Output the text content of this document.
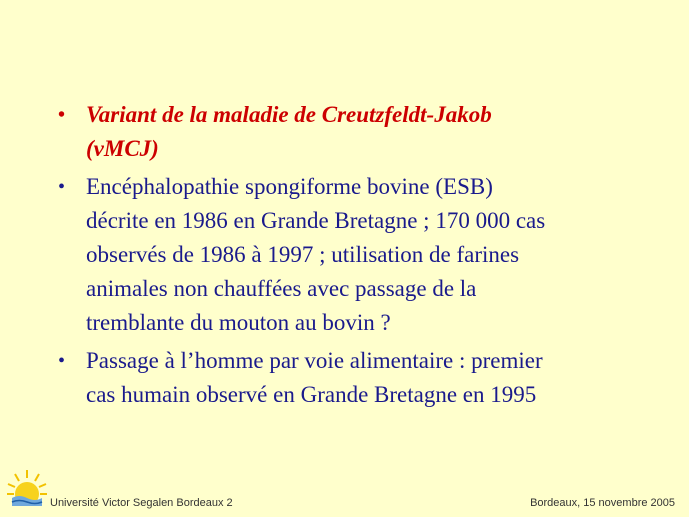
• Variant de la maladie de Creutzfeldt-Jakob
(vMCJ)
• Encéphalopathie spongiforme bovine (ESB)
décrite en 1986 en Grande Bretagne ; 170 000 cas
observés de 1986 à 1997 ; utilisation de farines
animales non chauffées avec passage de la
tremblante du mouton au bovin ?
• Passage à l’homme par voie alimentaire : premier
cas humain observé en Grande Bretagne en 1995
Université Victor Segalen Bordeaux 2	Bordeaux, 15 novembre 2005
